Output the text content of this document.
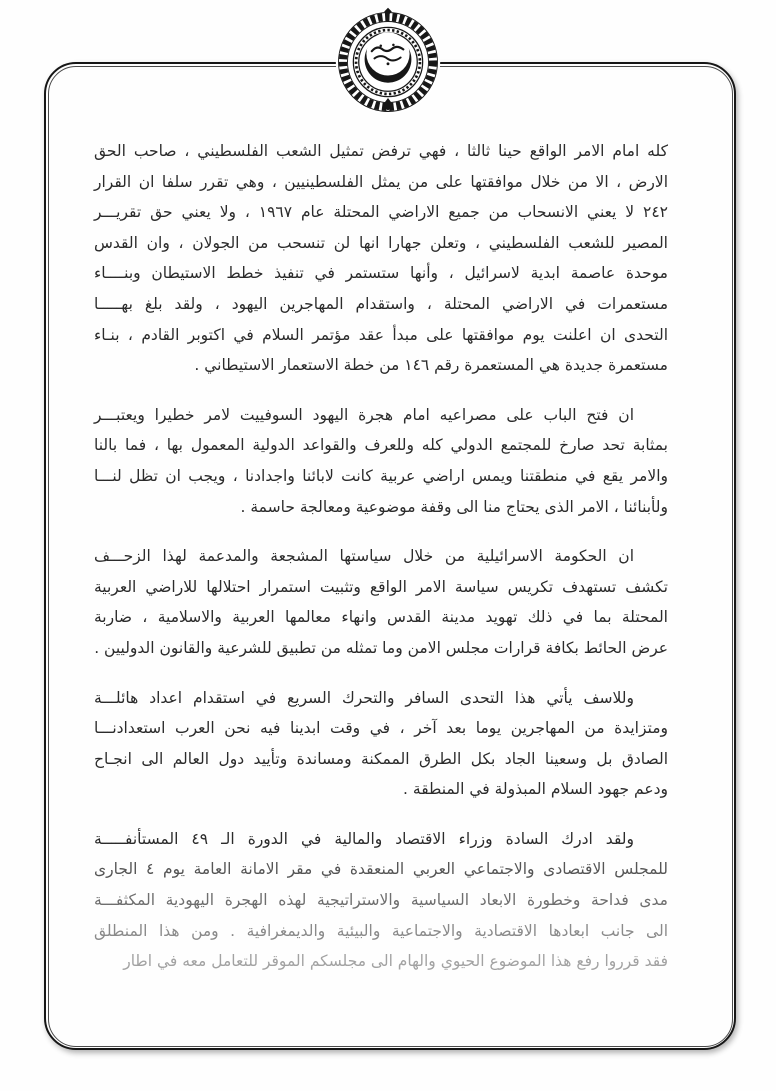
كله امام الامر الواقع حينا ثالثا ، فهي ترفض تمثيل الشعب الفلسطيني ، صاحب الحق
الارض ، الا من خلال موافقتها على من يمثل الفلسطينيين ، وهي تقرر سلفا ان القرار
٢٤٢ لا يعني الانسحاب من جميع الاراضي المحتلة عام ١٩٦٧ ، ولا يعني حق تقريـــر
المصير للشعب الفلسطيني ، وتعلن جهارا انها لن تنسحب من الجولان ، وان القدس
موحدة عاصمة ابدية لاسرائيل ، وأنها ستستمر في تنفيذ خطط الاستيطان وبنــــاء
مستعمرات في الاراضي المحتلة ، واستقدام المهاجرين اليهود ، ولقد بلغ بهـــــا
التحدى ان اعلنت يوم موافقتها على مبدأ عقد مؤتمر السلام في اكتوبر القادم ، بنـاء
مستعمرة جديدة هي المستعمرة رقم ١٤٦ من خطة الاستعمار الاستيطاني .
ان فتح الباب على مصراعيه امام هجرة اليهود السوفييت لامر خطيرا ويعتبـــر
بمثابة تحد صارخ للمجتمع الدولي كله وللعرف والقواعد الدولية المعمول بها ، فما بالنا
والامر يقع في منطقتنا ويمس اراضي عربية كانت لابائنا واجدادنا ، ويجب ان تظل لنـــا
ولأبنائنا ، الامر الذى يحتاج منا الى وقفة موضوعية ومعالجة حاسمة .
ان الحكومة الاسرائيلية من خلال سياستها المشجعة والمدعمة لهذا الزحـــف
تكشف تستهدف تكريس سياسة الامر الواقع وتثبيت استمرار احتلالها للاراضي العربية
المحتلة بما في ذلك تهويد مدينة القدس وانهاء معالمها العربية والاسلامية ، ضاربة
عرض الحائط بكافة قرارات مجلس الامن وما تمثله من تطبيق للشرعية والقانون الدوليين .
وللاسف يأتي هذا التحدى السافر والتحرك السريع في استقدام اعداد هائلـــة
ومتزايدة من المهاجرين يوما بعد آخر ، في وقت ابدينا فيه نحن العرب استعدادنـــا
الصادق بل وسعينا الجاد بكل الطرق الممكنة ومساندة وتأييد دول العالم الى انجـاح
ودعم جهود السلام المبذولة في المنطقة .
ولقد ادرك السادة وزراء الاقتصاد والمالية في الدورة الـ ٤٩ المستأنفـــــة
للمجلس الاقتصادى والاجتماعي العربي المنعقدة في مقر الامانة العامة يوم ٤ الجارى
مدى فداحة وخطورة الابعاد السياسية والاستراتيجية لهذه الهجرة اليهودية المكثفـــة
الى جانب ابعادها الاقتصادية والاجتماعية والبيئية والديمغرافية . ومن هذا المنطلق
فقد قرروا رفع هذا الموضوع الحيوي والهام الى مجلسكم الموقر للتعامل معه في اطار
